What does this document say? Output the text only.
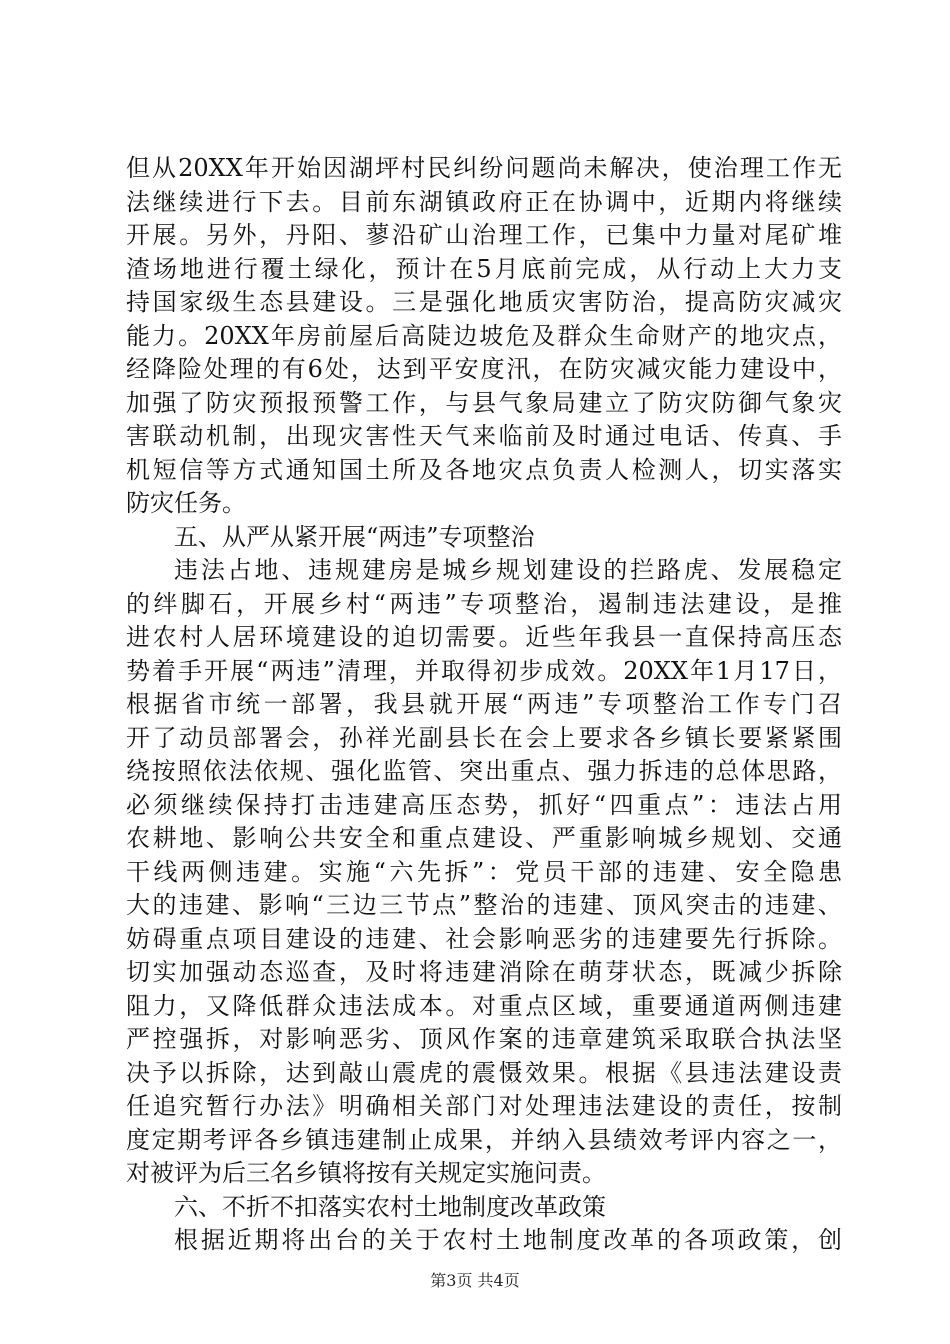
但从20XX年开始因湖坪村民纠纷问题尚未解决，使治理工作无
法继续进行下去。目前东湖镇政府正在协调中，近期内将继续
开展。另外，丹阳、蓼沿矿山治理工作，已集中力量对尾矿堆
渣场地进行覆土绿化，预计在5月底前完成，从行动上大力支
持国家级生态县建设。三是强化地质灾害防治，提高防灾减灾
能力。20XX年房前屋后高陡边坡危及群众生命财产的地灾点，
经降险处理的有6处，达到平安度汛，在防灾减灾能力建设中，
加强了防灾预报预警工作，与县气象局建立了防灾防御气象灾
害联动机制，出现灾害性天气来临前及时通过电话、传真、手
机短信等方式通知国土所及各地灾点负责人检测人，切实落实
防灾任务。
五、从严从紧开展“两违”专项整治
违法占地、违规建房是城乡规划建设的拦路虎、发展稳定
的绊脚石，开展乡村“两违”专项整治，遏制违法建设，是推
进农村人居环境建设的迫切需要。近些年我县一直保持高压态
势着手开展“两违”清理，并取得初步成效。20XX年1月17日，
根据省市统一部署，我县就开展“两违”专项整治工作专门召
开了动员部署会，孙祥光副县长在会上要求各乡镇长要紧紧围
绕按照依法依规、强化监管、突出重点、强力拆违的总体思路，
必须继续保持打击违建高压态势，抓好“四重点”：违法占用
农耕地、影响公共安全和重点建设、严重影响城乡规划、交通
干线两侧违建。实施“六先拆”：党员干部的违建、安全隐患
大的违建、影响“三边三节点”整治的违建、顶风突击的违建、
妨碍重点项目建设的违建、社会影响恶劣的违建要先行拆除。
切实加强动态巡查，及时将违建消除在萌芽状态，既减少拆除
阻力，又降低群众违法成本。对重点区域，重要通道两侧违建
严控强拆，对影响恶劣、顶风作案的违章建筑采取联合执法坚
决予以拆除，达到敲山震虎的震慑效果。根据《县违法建设责
任追究暂行办法》明确相关部门对处理违法建设的责任，按制
度定期考评各乡镇违建制止成果，并纳入县绩效考评内容之一，
对被评为后三名乡镇将按有关规定实施问责。
六、不折不扣落实农村土地制度改革政策
根据近期将出台的关于农村土地制度改革的各项政策，创
第3页 共4页
